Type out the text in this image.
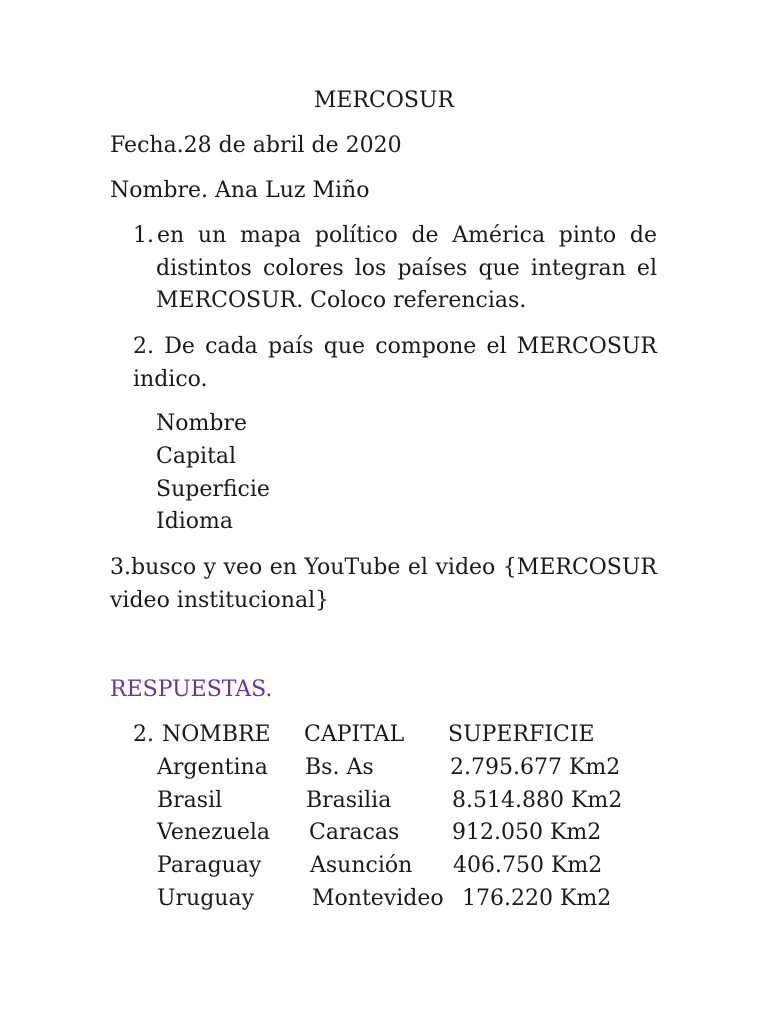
MERCOSUR
Fecha.28 de abril de 2020
Nombre. Ana Luz Miño
1. en un mapa político de América pinto de
distintos colores los países que integran el
MERCOSUR. Coloco referencias.
2. De cada país que compone el MERCOSUR
indico.
Nombre
Capital
Superficie
Idioma
3.busco y veo en YouTube el video {MERCOSUR
video institucional}
RESPUESTAS.
2. NOMBRE CAPITAL SUPERFICIE
Argentina Bs. As	2.795.677 Km2
Brasil	Brasilia	8.514.880 Km2
Venezuela Caracas 912.050 Km2
Paraguay Asunción 406.750 Km2
Uruguay	Montevideo 176.220 Km2
